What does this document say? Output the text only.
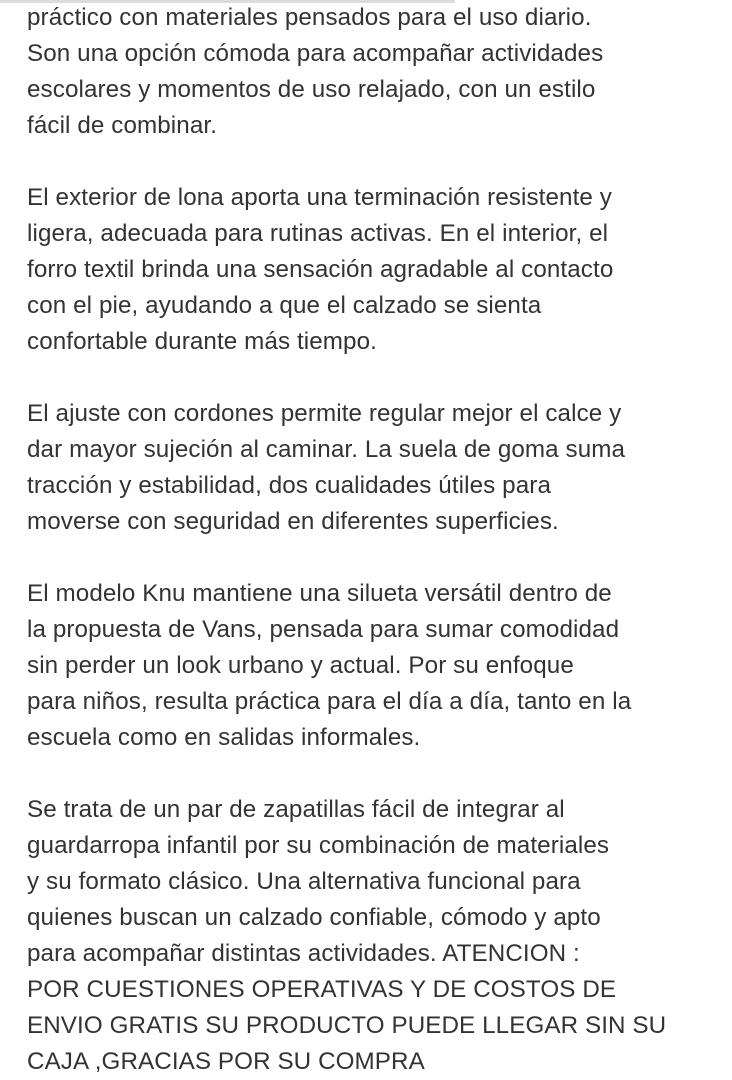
práctico con materiales pensados para el uso diario.
Son una opción cómoda para acompañar actividades
escolares y momentos de uso relajado, con un estilo
fácil de combinar.
El exterior de lona aporta una terminación resistente y
ligera, adecuada para rutinas activas. En el interior, el
forro textil brinda una sensación agradable al contacto
con el pie, ayudando a que el calzado se sienta
confortable durante más tiempo.
El ajuste con cordones permite regular mejor el calce y
dar mayor sujeción al caminar. La suela de goma suma
tracción y estabilidad, dos cualidades útiles para
moverse con seguridad en diferentes superficies.
El modelo Knu mantiene una silueta versátil dentro de
la propuesta de Vans, pensada para sumar comodidad
sin perder un look urbano y actual. Por su enfoque
para niños, resulta práctica para el día a día, tanto en la
escuela como en salidas informales.
Se trata de un par de zapatillas fácil de integrar al
guardarropa infantil por su combinación de materiales
y su formato clásico. Una alternativa funcional para
quienes buscan un calzado confiable, cómodo y apto
para acompañar distintas actividades. ATENCION :
POR CUESTIONES OPERATIVAS Y DE COSTOS DE
ENVIO GRATIS SU PRODUCTO PUEDE LLEGAR SIN SU
CAJA ,GRACIAS POR SU COMPRA
